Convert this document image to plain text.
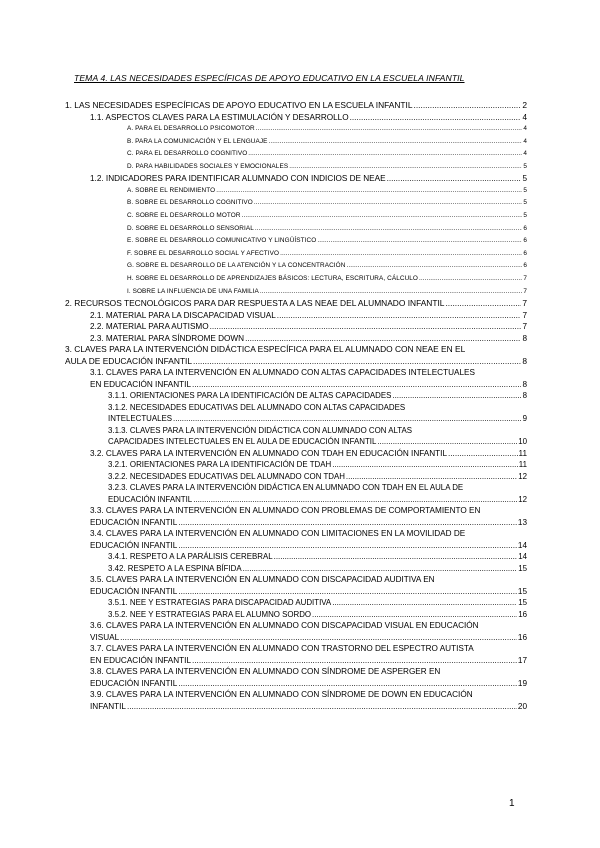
TEMA 4. LAS NECESIDADES ESPECÍFICAS DE APOYO EDUCATIVO EN LA ESCUELA INFANTIL
1. LAS NECESIDADES ESPECÍFICAS DE APOYO EDUCATIVO EN LA ESCUELA INFANTIL .....	2
1.1. ASPECTOS CLAVES PARA LA ESTIMULACIÓN Y DESARROLLO .....	4
A. PARA EL DESARROLLO PSICOMOTOR .....	4
B. PARA LA COMUNICACIÓN Y EL LENGUAJE .....	4
C. PARA EL DESARROLLO COGNITIVO .....	4
D. PARA HABILIDADES SOCIALES Y EMOCIONALES .....	5
1.2. INDICADORES PARA IDENTIFICAR ALUMNADO CON INDICIOS DE NEAE .....	5
A. SOBRE EL RENDIMIENTO .....	5
B. SOBRE EL DESARROLLO COGNITIVO .....	5
C. SOBRE EL DESARROLLO MOTOR .....	5
D. SOBRE EL DESARROLLO SENSORIAL .....	6
E. SOBRE EL DESARROLLO COMUNICATIVO Y LINGÜÍSTICO .....	6
F. SOBRE EL DESARROLLO SOCIAL Y AFECTIVO .....	6
G. SOBRE EL DESARROLLO DE LA ATENCIÓN Y LA CONCENTRACIÓN .....	6
H. SOBRE EL DESARROLLO DE APRENDIZAJES BÁSICOS: LECTURA, ESCRITURA, CÁLCULO .....	7
I. SOBRE LA INFLUENCIA DE UNA FAMILIA .....	7
2. RECURSOS TECNOLÓGICOS PARA DAR RESPUESTA A LAS NEAE DEL ALUMNADO INFANTIL .....	7
2.1. MATERIAL PARA LA DISCAPACIDAD VISUAL .....	7
2.2. MATERIAL PARA AUTISMO .....	7
2.3. MATERIAL PARA SÍNDROME DOWN .....	8
3. CLAVES PARA LA INTERVENCIÓN DIDÁCTICA ESPECÍFICA PARA EL ALUMNADO CON NEAE EN EL
AULA DE EDUCACIÓN INFANTIL .....	8
3.1. CLAVES PARA LA INTERVENCIÓN EN ALUMNADO CON ALTAS CAPACIDADES INTELECTUALES
EN EDUCACIÓN INFANTIL .....	8
3.1.1. ORIENTACIONES PARA LA IDENTIFICACIÓN DE ALTAS CAPACIDADES .....	8
3.1.2. NECESIDADES EDUCATIVAS DEL ALUMNADO CON ALTAS CAPACIDADES
INTELECTUALES .....	9
3.1.3. CLAVES PARA LA INTERVENCIÓN DIDÁCTICA CON ALUMNADO CON ALTAS
CAPACIDADES INTELECTUALES EN EL AULA DE EDUCACIÓN INFANTIL .....	10
3.2. CLAVES PARA LA INTERVENCIÓN EN ALUMNADO CON TDAH EN EDUCACIÓN INFANTIL .....	11
3.2.1. ORIENTACIONES PARA LA IDENTIFICACIÓN DE TDAH .....	11
3.2.2. NECESIDADES EDUCATIVAS DEL ALUMNADO CON TDAH .....	12
3.2.3. CLAVES PARA LA INTERVENCIÓN DIDÁCTICA EN ALUMNADO CON TDAH EN EL AULA DE
EDUCACIÓN INFANTIL .....	12
3.3. CLAVES PARA LA INTERVENCIÓN EN ALUMNADO CON PROBLEMAS DE COMPORTAMIENTO EN
EDUCACIÓN INFANTIL .....	13
3.4. CLAVES PARA LA INTERVENCIÓN EN ALUMNADO CON LIMITACIONES EN LA MOVILIDAD DE
EDUCACIÓN INFANTIL .....	14
3.4.1. RESPETO A LA PARÁLISIS CEREBRAL .....	14
3.42. RESPETO A LA ESPINA BÍFIDA .....	15
3.5. CLAVES PARA LA INTERVENCIÓN EN ALUMNADO CON DISCAPACIDAD AUDITIVA EN
EDUCACIÓN INFANTIL .....	15
3.5.1. NEE Y ESTRATEGIAS PARA DISCAPACIDAD AUDITIVA .....	15
3.5.2. NEE Y ESTRATEGIAS PARA EL ALUMNO SORDO .....	16
3.6. CLAVES PARA LA INTERVENCIÓN EN ALUMNADO CON DISCAPACIDAD VISUAL EN EDUCACIÓN
VISUAL .....	16
3.7. CLAVES PARA LA INTERVENCIÓN EN ALUMNADO CON TRASTORNO DEL ESPECTRO AUTISTA
EN EDUCACIÓN INFANTIL .....	17
3.8. CLAVES PARA LA INTERVENCIÓN EN ALUMNADO CON SÍNDROME DE ASPERGER EN
EDUCACIÓN INFANTIL .....	19
3.9. CLAVES PARA LA INTERVENCIÓN EN ALUMNADO CON SÍNDROME DE DOWN EN EDUCACIÓN
INFANTIL .....	20
1
